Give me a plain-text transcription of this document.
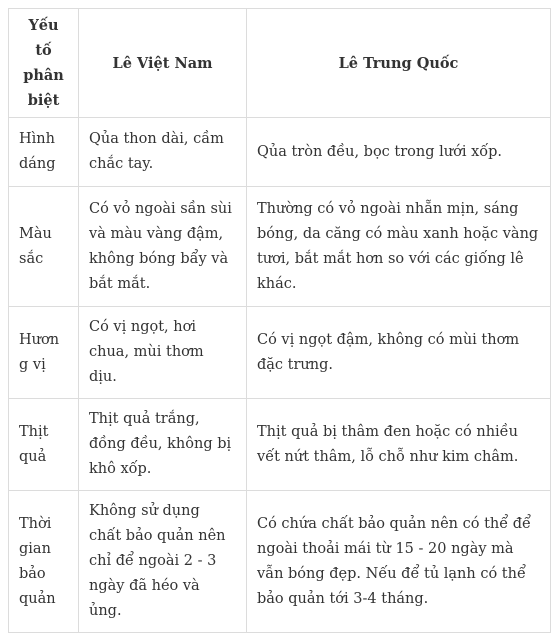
Yếu tố phân biệt	Lê Việt Nam	Lê Trung Quốc
Hình dáng	Qủa thon dài, cầm chắc tay.	Qủa tròn đều, bọc trong lưới xốp.
Màu sắc	Có vỏ ngoài sần sùi và màu vàng đậm, không bóng bẩy và bắt mắt.	Thường có vỏ ngoài nhẵn mịn, sáng bóng, da căng có màu xanh hoặc vàng tươi, bắt mắt hơn so với các giống lê khác.
Hương vị	Có vị ngọt, hơi chua, mùi thơm dịu.	Có vị ngọt đậm, không có mùi thơm đặc trưng.
Thịt quả	Thịt quả trắng, đồng đều, không bị khô xốp.	Thịt quả bị thâm đen hoặc có nhiều vết nứt thâm, lỗ chỗ như kim châm.
Thời gian bảo quản	Không sử dụng chất bảo quản nên chỉ để ngoài 2 - 3 ngày đã héo và ủng.	Có chứa chất bảo quản nên có thể để ngoài thoải mái từ 15 - 20 ngày mà vẫn bóng đẹp. Nếu để tủ lạnh có thể bảo quản tới 3-4 tháng.
